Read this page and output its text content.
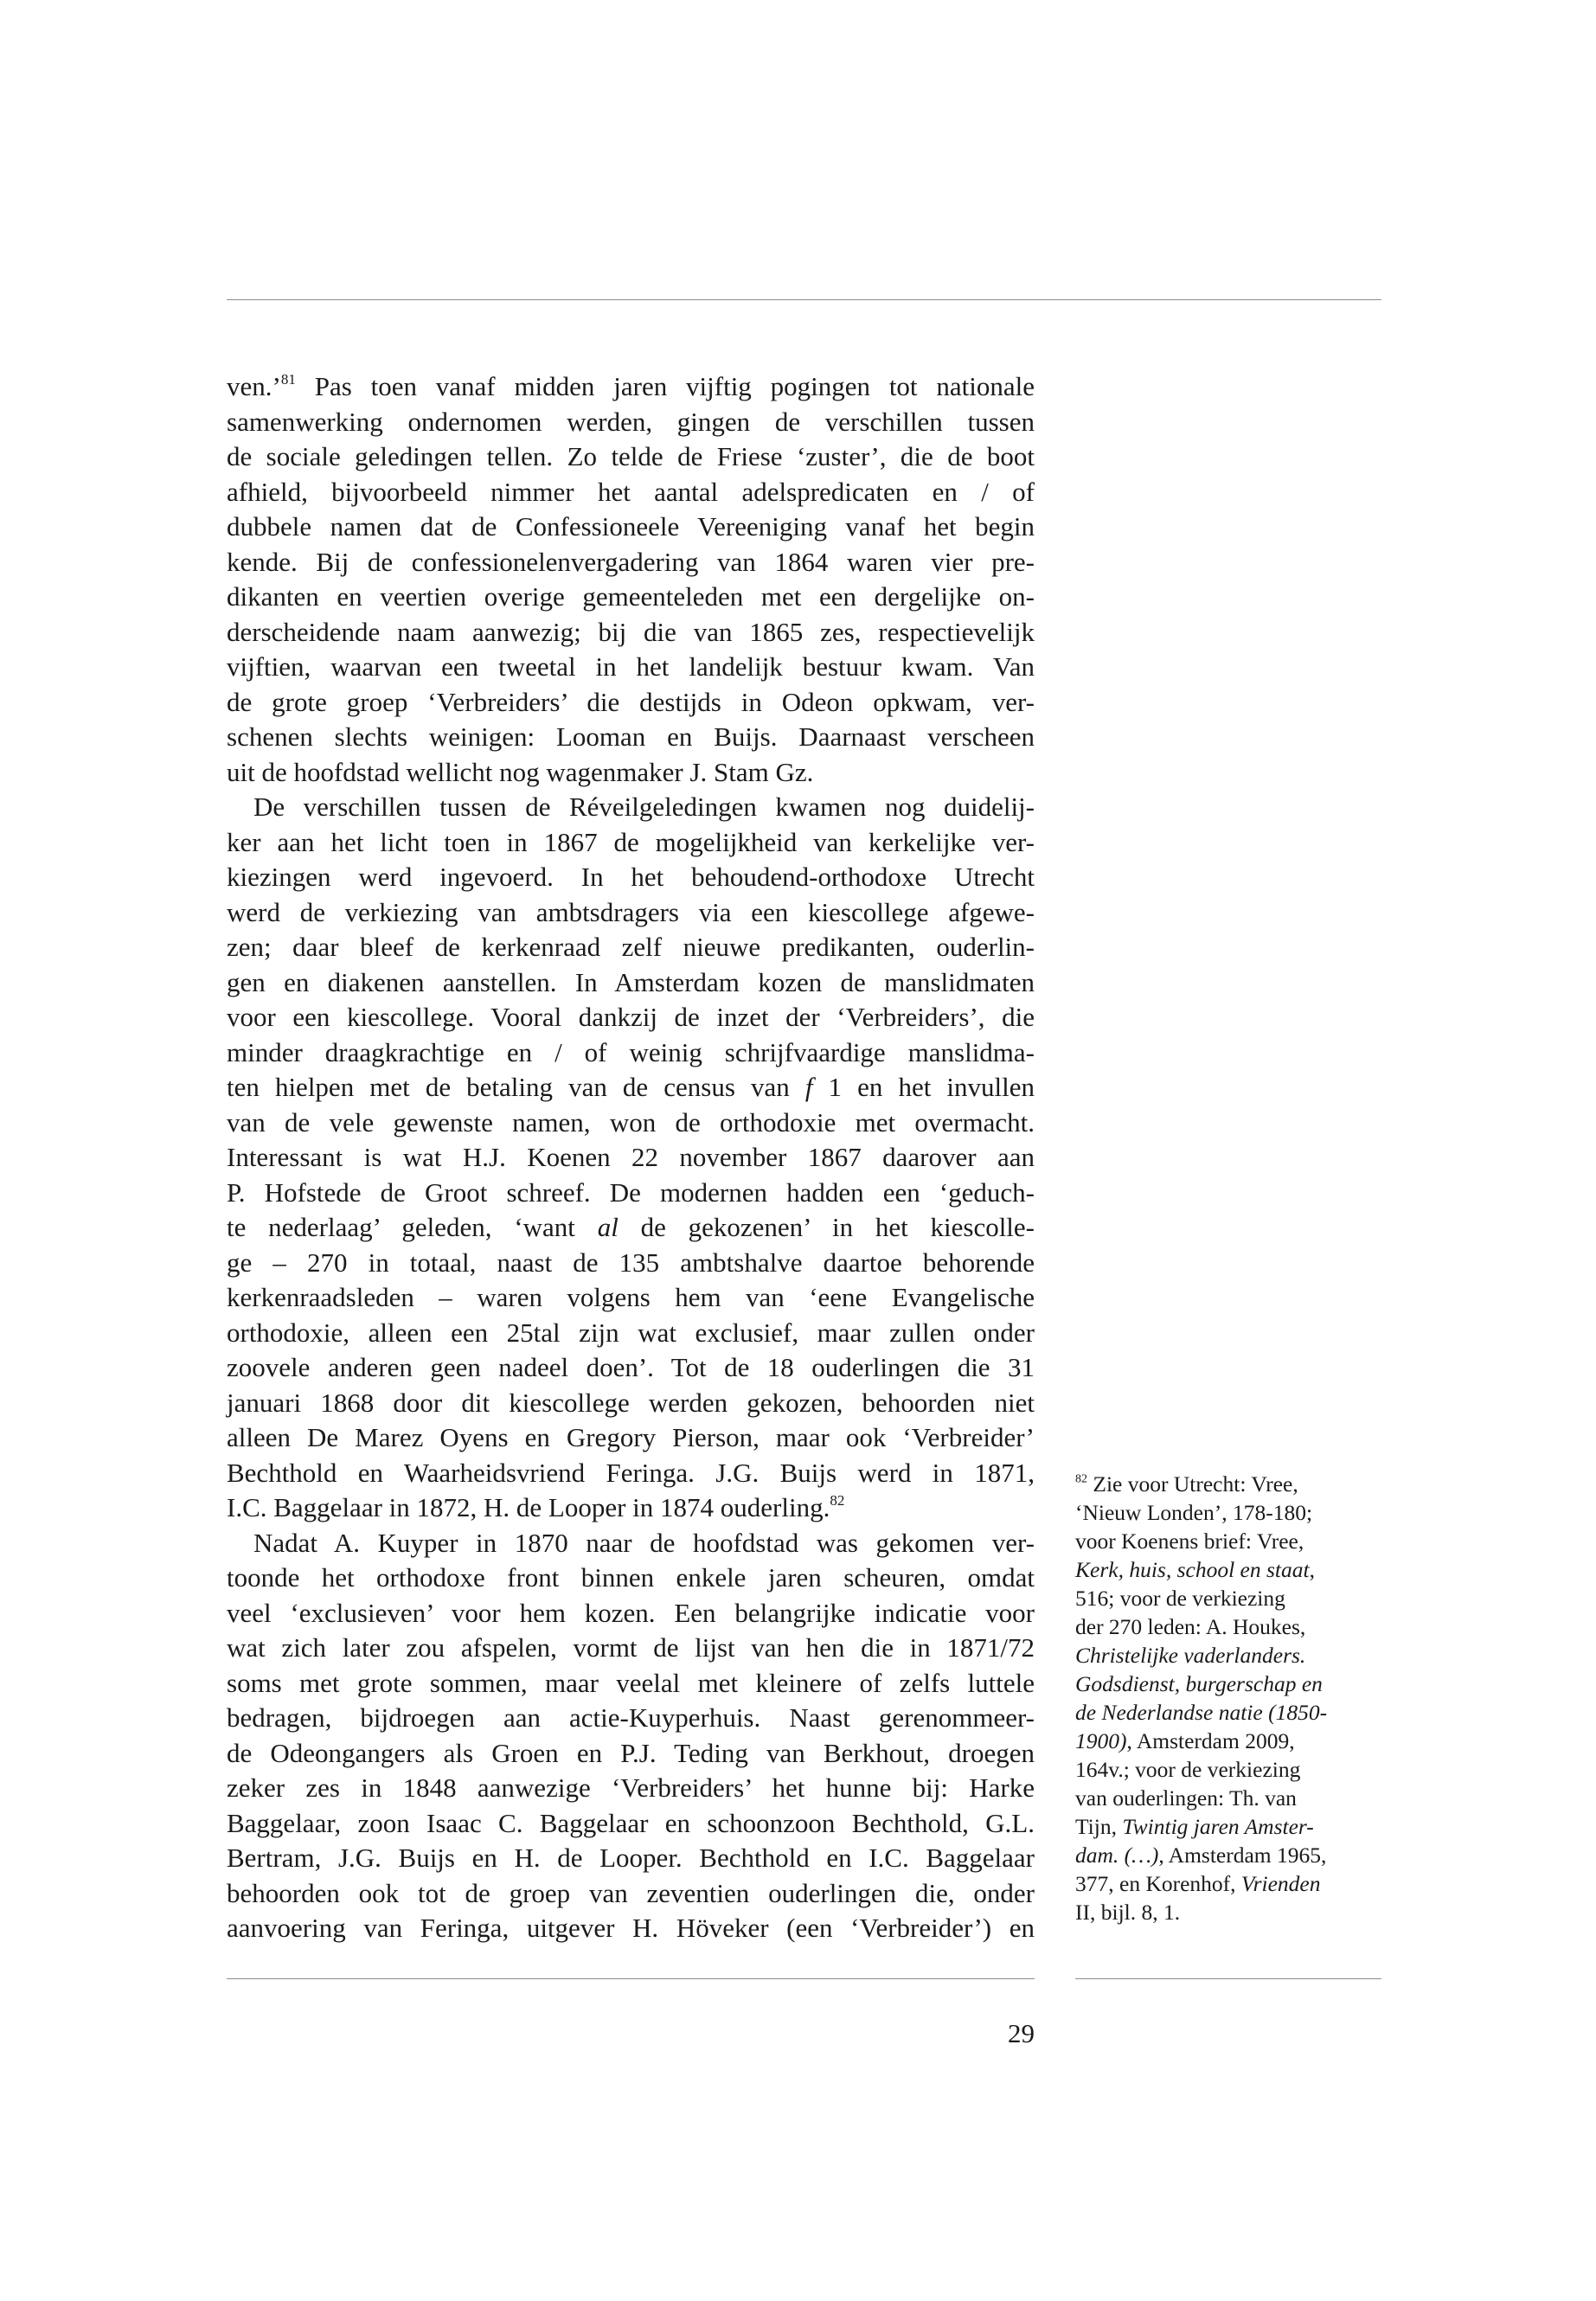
ven.’$^{81}$ Pas toen vanaf midden jaren vijftig pogingen tot nationale
samenwerking ondernomen werden, gingen de verschillen tussen
de sociale geledingen tellen. Zo telde de Friese ‘zuster’, die de boot
afhield, bijvoorbeeld nimmer het aantal adelspredicaten en / of
dubbele namen dat de Confessioneele Vereeniging vanaf het begin
kende. Bij de confessionelenvergadering van 1864 waren vier pre-
dikanten en veertien overige gemeenteleden met een dergelijke on-
derscheidende naam aanwezig; bij die van 1865 zes, respectievelijk
vijftien, waarvan een tweetal in het landelijk bestuur kwam. Van
de grote groep ‘Verbreiders’ die destijds in Odeon opkwam, ver-
schenen slechts weinigen: Looman en Buijs. Daarnaast verscheen
uit de hoofdstad wellicht nog wagenmaker J. Stam Gz.
De verschillen tussen de Réveilgeledingen kwamen nog duidelij-
ker aan het licht toen in 1867 de mogelijkheid van kerkelijke ver-
kiezingen werd ingevoerd. In het behoudend-orthodoxe Utrecht
werd de verkiezing van ambtsdragers via een kiescollege afgewe-
zen; daar bleef de kerkenraad zelf nieuwe predikanten, ouderlin-
gen en diakenen aanstellen. In Amsterdam kozen de manslidmaten
voor een kiescollege. Vooral dankzij de inzet der ‘Verbreiders’, die
minder draagkrachtige en / of weinig schrijfvaardige manslidma-
ten hielpen met de betaling van de census van f 1 en het invullen
van de vele gewenste namen, won de orthodoxie met overmacht.
Interessant is wat H.J. Koenen 22 november 1867 daarover aan
P. Hofstede de Groot schreef. De modernen hadden een ‘geduch-
te nederlaag’ geleden, ‘want al de gekozenen’ in het kiescolle-
ge – 270 in totaal, naast de 135 ambtshalve daartoe behorende
kerkenraadsleden – waren volgens hem van ‘eene Evangelische
orthodoxie, alleen een 25tal zijn wat exclusief, maar zullen onder
zoovele anderen geen nadeel doen’. Tot de 18 ouderlingen die 31
januari 1868 door dit kiescollege werden gekozen, behoorden niet
alleen De Marez Oyens en Gregory Pierson, maar ook ‘Verbreider’
Bechthold en Waarheidsvriend Feringa. J.G. Buijs werd in 1871,
I.C. Baggelaar in 1872, H. de Looper in 1874 ouderling.$^{82}$
Nadat A. Kuyper in 1870 naar de hoofdstad was gekomen ver-
toonde het orthodoxe front binnen enkele jaren scheuren, omdat
veel ‘exclusieven’ voor hem kozen. Een belangrijke indicatie voor
wat zich later zou afspelen, vormt de lijst van hen die in 1871/72
soms met grote sommen, maar veelal met kleinere of zelfs luttele
bedragen, bijdroegen aan actie-Kuyperhuis. Naast gerenommeer-
de Odeongangers als Groen en P.J. Teding van Berkhout, droegen
zeker zes in 1848 aanwezige ‘Verbreiders’ het hunne bij: Harke
Baggelaar, zoon Isaac C. Baggelaar en schoonzoon Bechthold, G.L.
Bertram, J.G. Buijs en H. de Looper. Bechthold en I.C. Baggelaar
behoorden ook tot de groep van zeventien ouderlingen die, onder
aanvoering van Feringa, uitgever H. Höveker (een ‘Verbreider’) en
$^{82}$ Zie voor Utrecht: Vree,
‘Nieuw Londen’, 178-180;
voor Koenens brief: Vree,
Kerk, huis, school en staat,
516; voor de verkiezing
der 270 leden: A. Houkes,
Christelijke vaderlanders.
Godsdienst, burgerschap en
de Nederlandse natie (1850-
1900), Amsterdam 2009,
164v.; voor de verkiezing
van ouderlingen: Th. van
Tijn, Twintig jaren Amster-
dam. (…), Amsterdam 1965,
377, en Korenhof, Vrienden
II, bijl. 8, 1.
29
